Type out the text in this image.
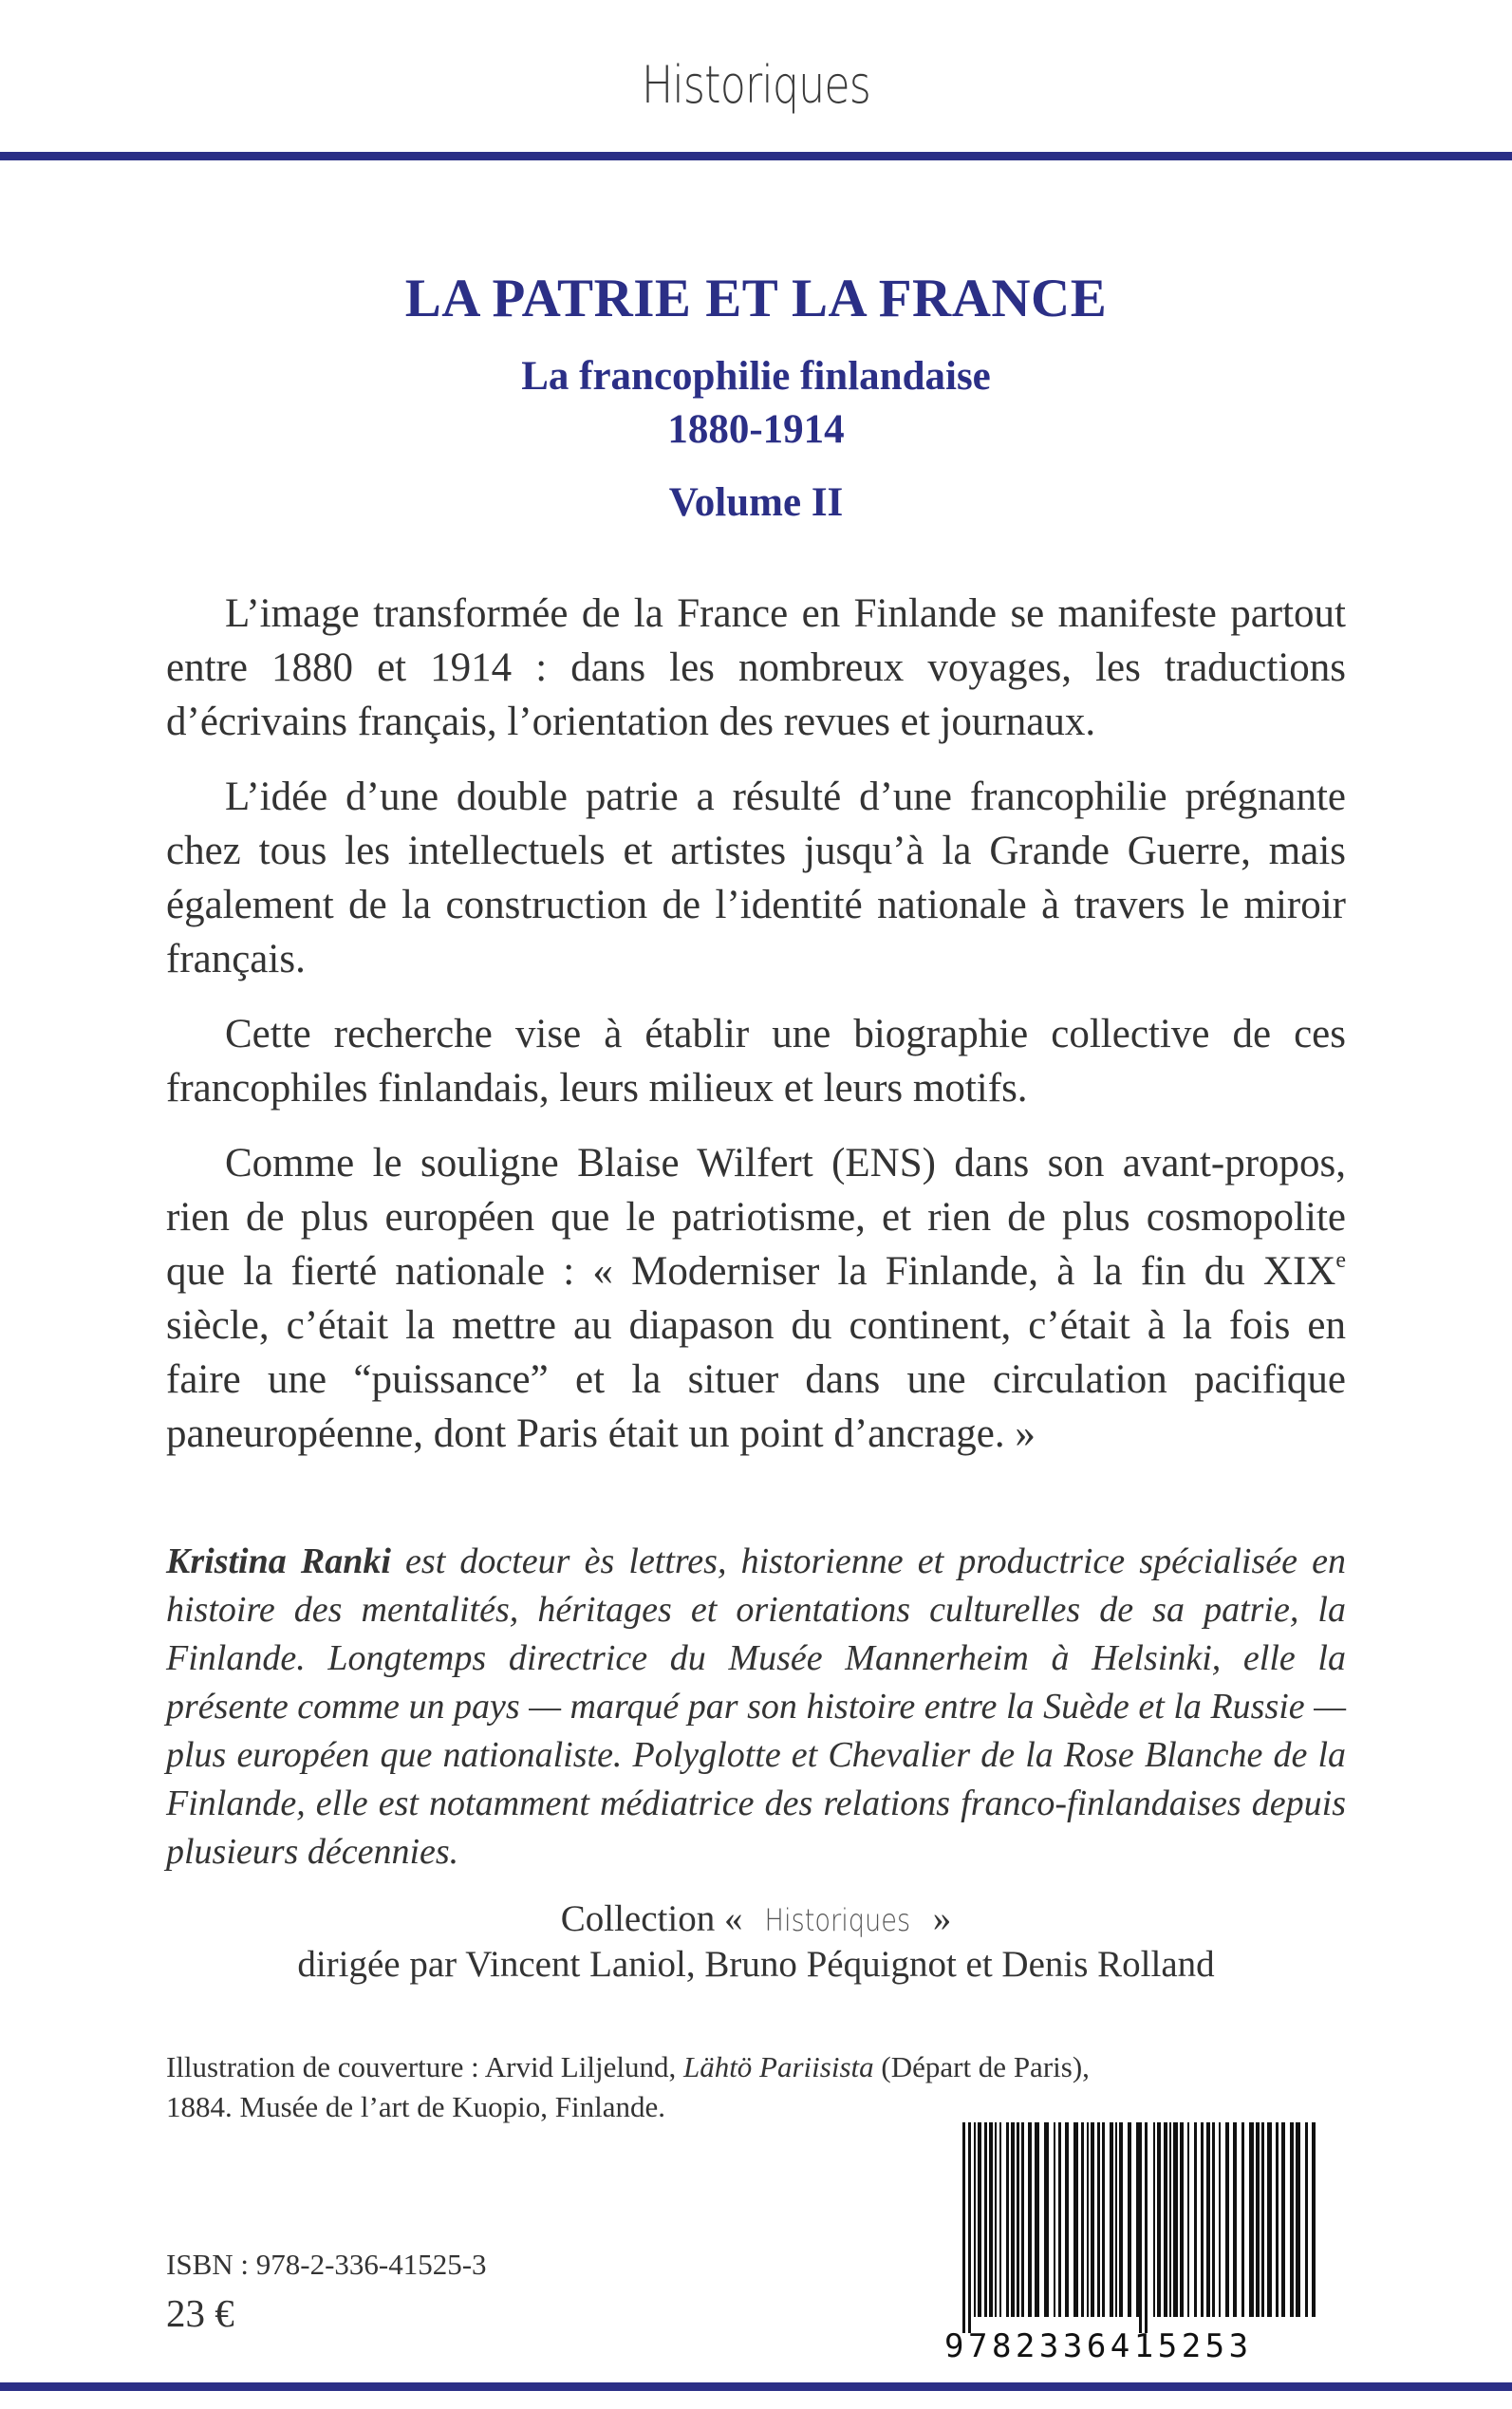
Historiques
LA PATRIE ET LA FRANCE
La francophilie finlandaise
1880-1914
Volume II

L’image transformée de la France en Finlande se manifeste partout entre 1880 et 1914 : dans les nombreux voyages, les traductions d’écrivains français, l’orientation des revues et journaux.

L’idée d’une double patrie a résulté d’une francophilie prégnante chez tous les intellectuels et artistes jusqu’à la Grande Guerre, mais également de la construction de l’identité nationale à travers le miroir français.

Cette recherche vise à établir une biographie collective de ces francophiles finlandais, leurs milieux et leurs motifs.

Comme le souligne Blaise Wilfert (ENS) dans son avant-propos, rien de plus européen que le patriotisme, et rien de plus cosmopolite que la fierté nationale : « Moderniser la Finlande, à la fin du XIXe siècle, c’était la mettre au diapason du continent, c’était à la fois en faire une “puissance” et la situer dans une circulation pacifique paneuropéenne, dont Paris était un point d’ancrage. »

Kristina Ranki est docteur ès lettres, historienne et productrice spécialisée en histoire des mentalités, héritages et orientations culturelles de sa patrie, la Finlande. Longtemps directrice du Musée Mannerheim à Helsinki, elle la présente comme un pays — marqué par son histoire entre la Suède et la Russie — plus européen que nationaliste. Polyglotte et Chevalier de la Rose Blanche de la Finlande, elle est notamment médiatrice des relations franco-finlandaises depuis plusieurs décennies.
Collection « Historiques »
dirigée par Vincent Laniol, Bruno Péquignot et Denis Rolland
Illustration de couverture : Arvid Liljelund, Lähtö Pariisista (Départ de Paris), 1884. Musée de l’art de Kuopio, Finlande.
ISBN : 978-2-336-41525-3
23 €
9782336415253
